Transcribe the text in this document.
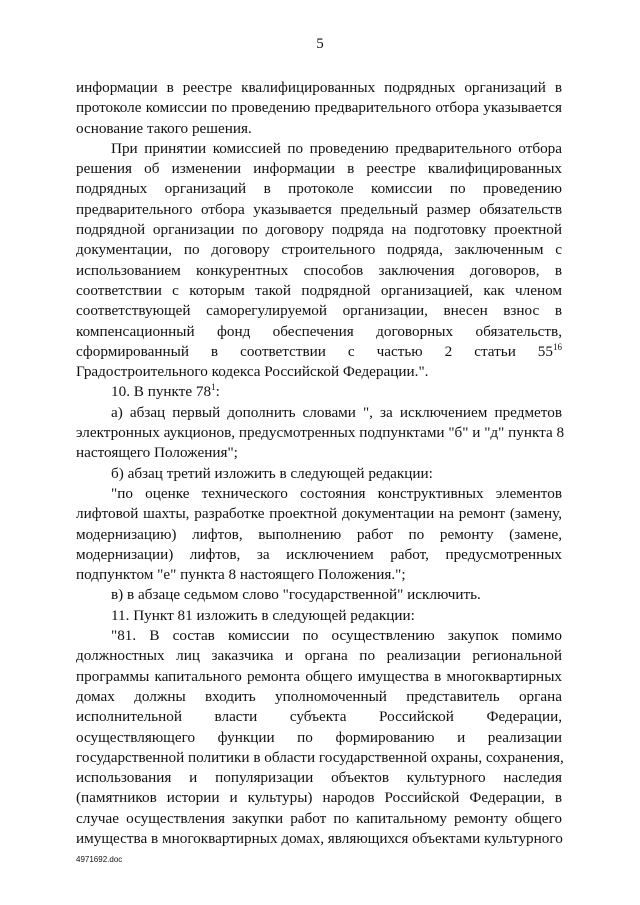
5
информации в реестре квалифицированных подрядных организаций в
протоколе комиссии по проведению предварительного отбора указывается
основание такого решения.
При принятии комиссией по проведению предварительного отбора
решения об изменении информации в реестре квалифицированных
подрядных организаций в протоколе комиссии по проведению
предварительного отбора указывается предельный размер обязательств
подрядной организации по договору подряда на подготовку проектной
документации, по договору строительного подряда, заключенным с
использованием конкурентных способов заключения договоров, в
соответствии с которым такой подрядной организацией, как членом
соответствующей саморегулируемой организации, внесен взнос в
компенсационный фонд обеспечения договорных обязательств,
сформированный в соответствии с частью 2 статьи $55^{16}$
Градостроительного кодекса Российской Федерации.".
10. В пункте $78^1$:
а) абзац первый дополнить словами ", за исключением предметов
электронных аукционов, предусмотренных подпунктами "б" и "д" пункта 8
настоящего Положения";
б) абзац третий изложить в следующей редакции:
"по оценке технического состояния конструктивных элементов
лифтовой шахты, разработке проектной документации на ремонт (замену,
модернизацию) лифтов, выполнению работ по ремонту (замене,
модернизации) лифтов, за исключением работ, предусмотренных
подпунктом "е" пункта 8 настоящего Положения.";
в) в абзаце седьмом слово "государственной" исключить.
11. Пункт 81 изложить в следующей редакции:
"81. В состав комиссии по осуществлению закупок помимо
должностных лиц заказчика и органа по реализации региональной
программы капитального ремонта общего имущества в многоквартирных
домах должны входить уполномоченный представитель органа
исполнительной власти субъекта Российской Федерации,
осуществляющего функции по формированию и реализации
государственной политики в области государственной охраны, сохранения,
использования и популяризации объектов культурного наследия
(памятников истории и культуры) народов Российской Федерации, в
случае осуществления закупки работ по капитальному ремонту общего
имущества в многоквартирных домах, являющихся объектами культурного
4971692.doc
